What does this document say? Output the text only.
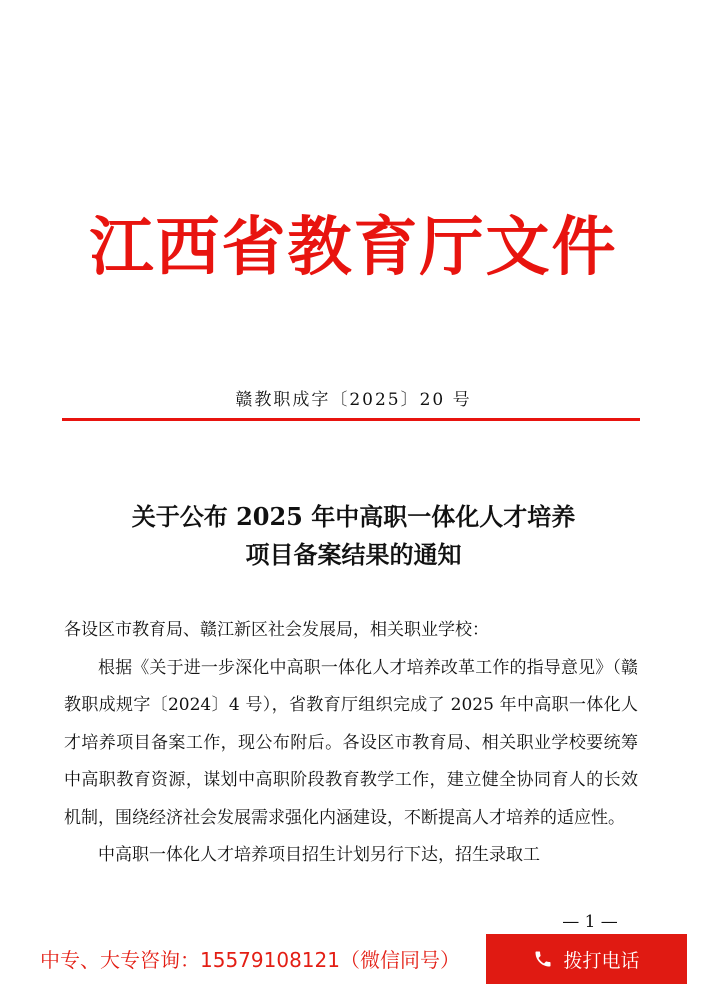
江西省教育厅文件
赣教职成字〔2025〕20 号
关于公布 2025 年中高职一体化人才培养
项目备案结果的通知

各设区市教育局、赣江新区社会发展局，相关职业学校：

根据《关于进一步深化中高职一体化人才培养改革工作的指导意见》（赣教职成规字〔2024〕4 号），省教育厅组织完成了 2025 年中高职一体化人才培养项目备案工作，现公布附后。各设区市教育局、相关职业学校要统筹中高职教育资源，谋划中高职阶段教育教学工作，建立健全协同育人的长效机制，围绕经济社会发展需求强化内涵建设，不断提高人才培养的适应性。

中高职一体化人才培养项目招生计划另行下达，招生录取工

— 1 —
中专、大专咨询：15579108121（微信同号）	拨打电话
